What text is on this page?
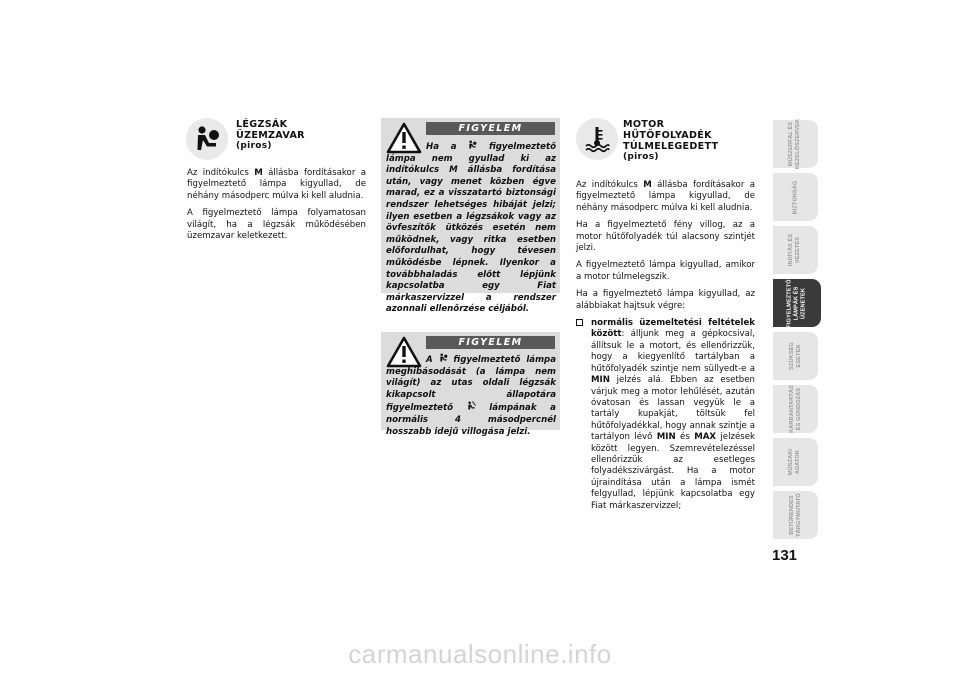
LÉGZSÁK
ÜZEMZAVAR
(piros)

Az indítókulcs M állásba fordításakor a figyelmeztető lámpa kigyullad, de néhány másodperc múlva ki kell aludnia.

A figyelmeztető lámpa folyamatosan világít, ha a légzsák működésében üzemzavar keletkezett.

FIGYELEM
Ha a  figyelmeztető lámpa nem gyullad ki az indítókulcs M állásba fordítása után, vagy menet közben égve marad, ez a visszatartó biztonsági rendszer lehetséges hibáját jelzi; ilyen esetben a légzsákok vagy az övfeszítők ütközés esetén nem működnek, vagy ritka esetben előfordulhat, hogy tévesen működésbe lépnek. Ilyenkor a továbbhaladás előtt lépjünk kapcsolatba egy Fiat márkaszervizzel a rendszer azonnali ellenőrzése céljából.
FIGYELEM
A  figyelmeztető lámpa meghibásodását (a lámpa nem világít) az utas oldali légzsák kikapcsolt állapotára figyelmeztető  lámpának a normális 4 másodpercnél hosszabb idejű villogása jelzi.
MOTOR
HŰTŐFOLYADÉK
TÚLMELEGEDETT
(piros)

Az indítókulcs M állásba fordításakor a figyelmeztető lámpa kigyullad, de néhány másodperc múlva ki kell aludnia.

Ha a figyelmeztető fény villog, az a motor hűtőfolyadék túl alacsony szintjét jelzi.

A figyelmeztető lámpa kigyullad, amikor a motor túlmelegszik.

Ha a figyelmeztető lámpa kigyullad, az alábbiakat hajtsuk végre:

normális üzemeltetési feltételek között: álljunk meg a gépkocsival, állítsuk le a motort, és ellenőrizzük, hogy a kiegyenlítő tartályban a hűtőfolyadék szintje nem süllyedt-e a MIN jelzés alá. Ebben az esetben várjuk meg a motor lehűlését, azután óvatosan és lassan vegyük le a tartály kupakját, töltsük fel hűtőfolyadékkal, hogy annak szintje a tartályon lévő MIN és MAX jelzések között legyen. Szemrevételezéssel ellenőrizzük az esetleges folyadékszivárgást. Ha a motor újraindítása után a lámpa ismét felgyullad, lépjünk kapcsolatba egy Fiat márkaszervizzel;
MŰSZERFAL ÉS
KEZELŐSZERVEK
BIZTONSÁG
INDÍTÁS ÉS
VEZETÉS
FIGYELMEZTETŐ
LÁMPÁK ÉS
ÜZENETEK
SZÜKSÉG
ESETÉN
KARBANTARTÁS
ÉS GONDOZÁS
MŰSZAKI
ADATOK
BETŰRENDES
TÁRGYMUTATÓ
131
carmanualsonline.info
